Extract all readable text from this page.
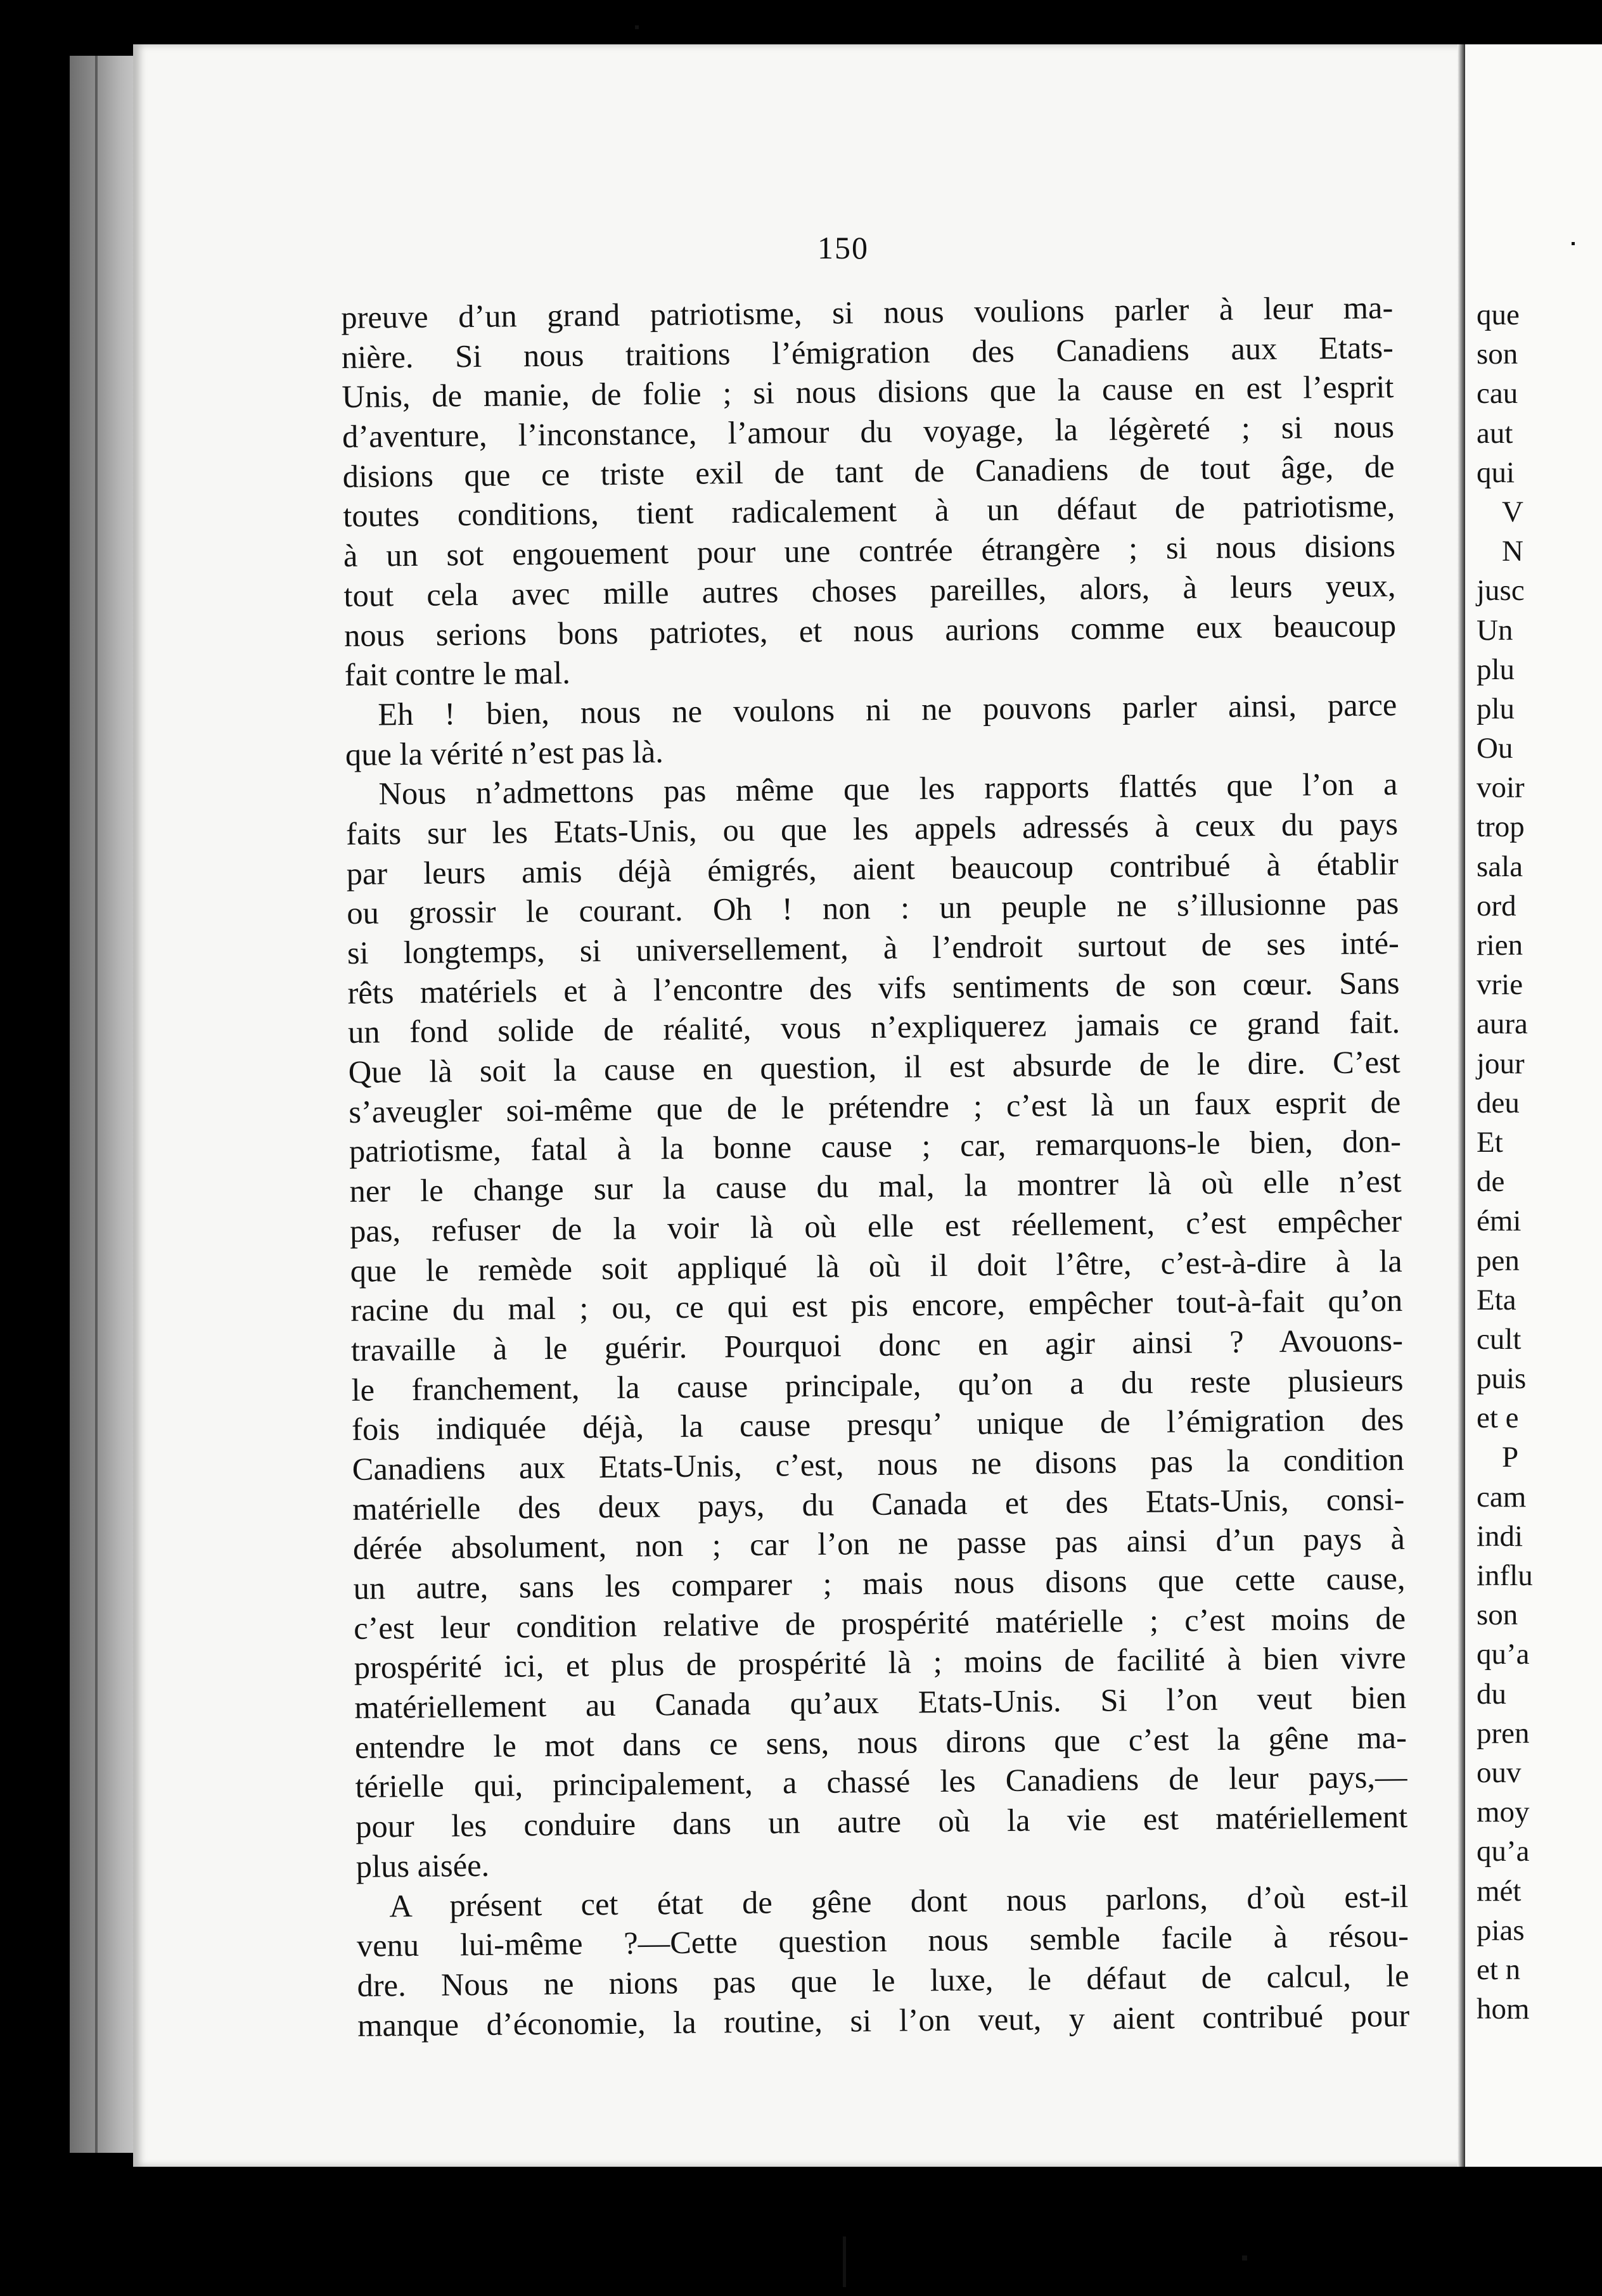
150
preuve d’un grand patriotisme, si nous voulions parler à leur ma-
nière. Si nous traitions l’émigration des Canadiens aux Etats-
Unis, de manie, de folie ; si nous disions que la cause en est l’esprit
d’aventure, l’inconstance, l’amour du voyage, la légèreté ; si nous
disions que ce triste exil de tant de Canadiens de tout âge, de
toutes conditions, tient radicalement à un défaut de patriotisme,
à un sot engouement pour une contrée étrangère ; si nous disions
tout cela avec mille autres choses pareilles, alors, à leurs yeux,
nous serions bons patriotes, et nous aurions comme eux beaucoup
fait contre le mal.
Eh ! bien, nous ne voulons ni ne pouvons parler ainsi, parce
que la vérité n’est pas là.
Nous n’admettons pas même que les rapports flattés que l’on a
faits sur les Etats-Unis, ou que les appels adressés à ceux du pays
par leurs amis déjà émigrés, aient beaucoup contribué à établir
ou grossir le courant. Oh ! non : un peuple ne s’illusionne pas
si longtemps, si universellement, à l’endroit surtout de ses inté-
rêts matériels et à l’encontre des vifs sentiments de son cœur. Sans
un fond solide de réalité, vous n’expliquerez jamais ce grand fait.
Que là soit la cause en question, il est absurde de le dire. C’est
s’aveugler soi-même que de le prétendre ; c’est là un faux esprit de
patriotisme, fatal à la bonne cause ; car, remarquons-le bien, don-
ner le change sur la cause du mal, la montrer là où elle n’est
pas, refuser de la voir là où elle est réellement, c’est empêcher
que le remède soit appliqué là où il doit l’être, c’est-à-dire à la
racine du mal ; ou, ce qui est pis encore, empêcher tout-à-fait qu’on
travaille à le guérir. Pourquoi donc en agir ainsi ? Avouons-
le franchement, la cause principale, qu’on a du reste plusieurs
fois indiquée déjà, la cause presqu’ unique de l’émigration des
Canadiens aux Etats-Unis, c’est, nous ne disons pas la condition
matérielle des deux pays, du Canada et des Etats-Unis, consi-
dérée absolument, non ; car l’on ne passe pas ainsi d’un pays à
un autre, sans les comparer ; mais nous disons que cette cause,
c’est leur condition relative de prospérité matérielle ; c’est moins de
prospérité ici, et plus de prospérité là ; moins de facilité à bien vivre
matériellement au Canada qu’aux Etats-Unis. Si l’on veut bien
entendre le mot dans ce sens, nous dirons que c’est la gêne ma-
térielle qui, principalement, a chassé les Canadiens de leur pays,—
pour les conduire dans un autre où la vie est matériellement
plus aisée.
A présent cet état de gêne dont nous parlons, d’où est-il
venu lui-même ?—Cette question nous semble facile à résou-
dre. Nous ne nions pas que le luxe, le défaut de calcul, le
manque d’économie, la routine, si l’on veut, y aient contribué pour
que
son
cau
aut
qui
V
N
jusc
Un
plu
plu
Ou
voir
trop
sala
ord
rien
vrie
aura
jour
deu
Et
de
émi
pen
Eta
cult
puis
et e
P
cam
indi
influ
son
qu’a
du
pren
ouv
moy
qu’a
mét
pias
et n
hom
